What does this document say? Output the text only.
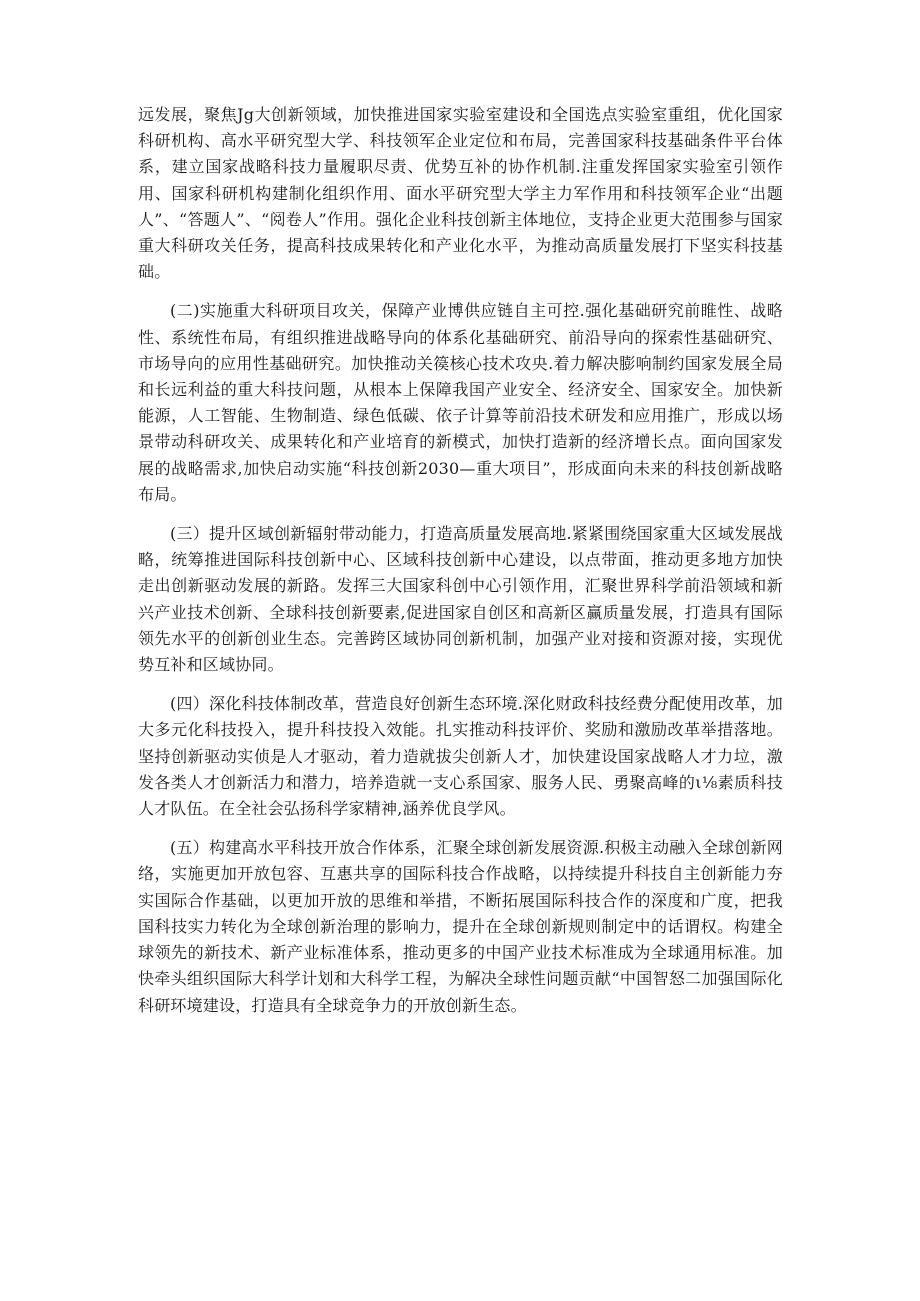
远发展，聚焦Jg大创新领域，加快推进国家实验室建设和全国选点实验室重组，优化国家科研机构、高水平研究型大学、科技领军企业定位和布局，完善国家科技基础条件平台体系，建立国家战略科技力量履职尽责、优势互补的协作机制.注重发挥国家实验室引领作用、国家科研机构建制化组织作用、面水平研究型大学主力军作用和科技领军企业“出题人”、“答题人”、“阅卷人”作用。强化企业科技创新主体地位，支持企业更大范围参与国家重大科研攻关任务，提高科技成果转化和产业化水平，为推动高质量发展打下坚实科技基础。

(二)实施重大科研项目攻关，保障产业博供应链自主可控.强化基础研究前睢性、战略性、系统性布局，有组织推进战略导向的体系化基础研究、前沿导向的探索性基础研究、市场导向的应用性基础研究。加快推动关篌核心技术攻央.着力解决膨响制约国家发展全局和长远利益的重大科技问题，从根本上保障我国产业安全、经济安全、国家安全。加快新能源，人工智能、生物制造、绿色低碳、依子计算等前沿技术研发和应用推广，形成以场景带动科研攻关、成果转化和产业培育的新模式，加快打造新的经济增长点。面向国家发展的战略需求,加快启动实施“科技创新2030—重大项目”，形成面向未来的科技创新战略布局。

(三）提升区域创新辐射带动能力，打造高质量发展高地.紧紧围绕国家重大区域发展战略，统筹推进国际科技创新中心、区域科技创新中心建设，以点带面，推动更多地方加快走出创新驱动发展的新路。发挥三大国家科创中心引领作用，汇聚世界科学前沿领域和新兴产业技术创新、全球科技创新要素,促进国家自创区和高新区赢质量发展，打造具有国际领先水平的创新创业生态。完善跨区域协同创新机制，加强产业对接和资源对接，实现优势互补和区域协同。

(四）深化科技体制改革，营造良好创新生态环境.深化财政科技经费分配使用改革，加大多元化科技投入，提升科技投入效能。扎实推动科技评价、奖励和激励改革举措落地。坚持创新驱动实侦是人才驱动，着力造就拔尖创新人才，加快建设国家战略人才力垃，激发各类人才创新活力和潜力，培养造就一支心系国家、服务人民、勇聚高峰的ι⅛素质科技人才队伍。在全社会弘扬科学家精神,涵养优良学风。

(五）构建高水平科技开放合作体系，汇聚全球创新发展资源.积极主动融入全球创新网络，实施更加开放包容、互惠共享的国际科技合作战略，以持续提升科技自主创新能力夯实国际合作基础，以更加开放的思维和举措，不断拓展国际科技合作的深度和广度，把我国科技实力转化为全球创新治理的影响力，提升在全球创新规则制定中的话谓权。构建全球领先的新技术、新产业标准体系，推动更多的中国产业技术标准成为全球通用标准。加快牵头组织国际大科学计划和大科学工程，为解决全球性问题贡献“中国智怒二加强国际化科研环境建设，打造具有全球竞争力的开放创新生态。
